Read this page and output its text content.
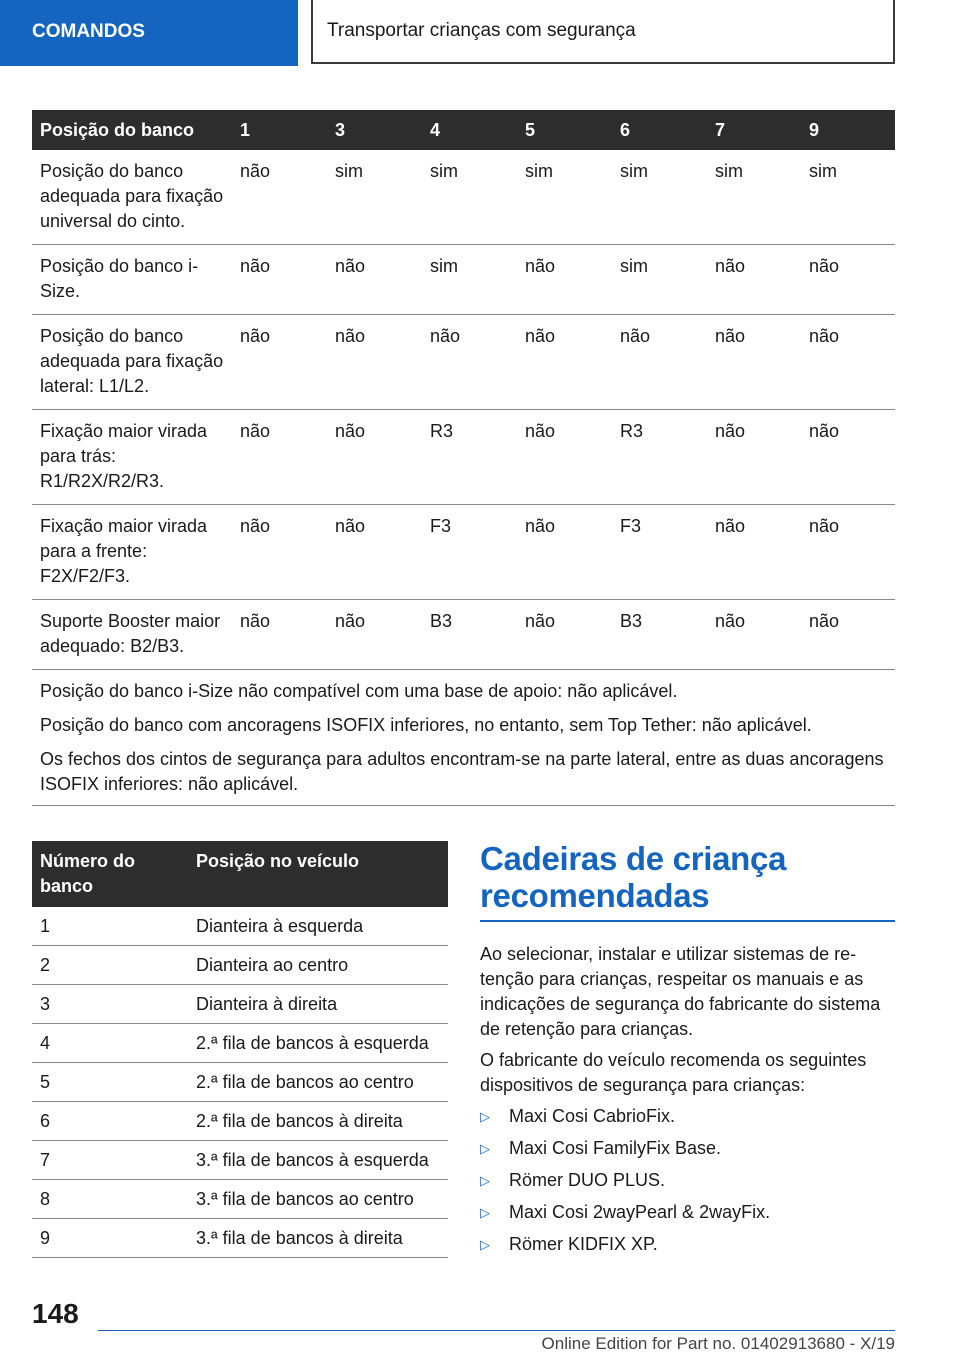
COMANDOS	Transportar crianças com segurança
Posição do banco	1	3	4	5	6	7	9
Posição do banco adequada para fixação universal do cinto.	não	sim	sim	sim	sim	sim	sim
Posição do banco i-Size.	não	não	sim	não	sim	não	não
Posição do banco adequada para fixação lateral: L1/L2.	não	não	não	não	não	não	não
Fixação maior virada para trás: R1/R2X/R2/R3.	não	não	R3	não	R3	não	não
Fixação maior virada para a frente: F2X/F2/F3.	não	não	F3	não	F3	não	não
Suporte Booster maior adequado: B2/B3.	não	não	B3	não	B3	não	não
Posição do banco i-Size não compatível com uma base de apoio: não aplicável.							
Posição do banco com ancoragens ISOFIX inferiores, no entanto, sem Top Tether: não aplicável.							
Os fechos dos cintos de segurança para adultos encontram-se na parte lateral, entre as duas ancoragens ISOFIX inferiores: não aplicável.							
Número do banco	Posição no veículo
1	Dianteira à esquerda
2	Dianteira ao centro
3	Dianteira à direita
4	2.ª fila de bancos à esquerda
5	2.ª fila de bancos ao centro
6	2.ª fila de bancos à direita
7	3.ª fila de bancos à esquerda
8	3.ª fila de bancos ao centro
9	3.ª fila de bancos à direita
Cadeiras de criança recomendadas

Ao selecionar, instalar e utilizar sistemas de retenção para crianças, respeitar os manuais e as indicações de segurança do fabricante do sistema de retenção para crianças.

O fabricante do veículo recomenda os seguintes dispositivos de segurança para crianças:

▷	Maxi Cosi CabrioFix.
▷	Maxi Cosi FamilyFix Base.
▷	Römer DUO PLUS.
▷	Maxi Cosi 2wayPearl & 2wayFix.
▷	Römer KIDFIX XP.
148
Online Edition for Part no. 01402913680 - X/19
